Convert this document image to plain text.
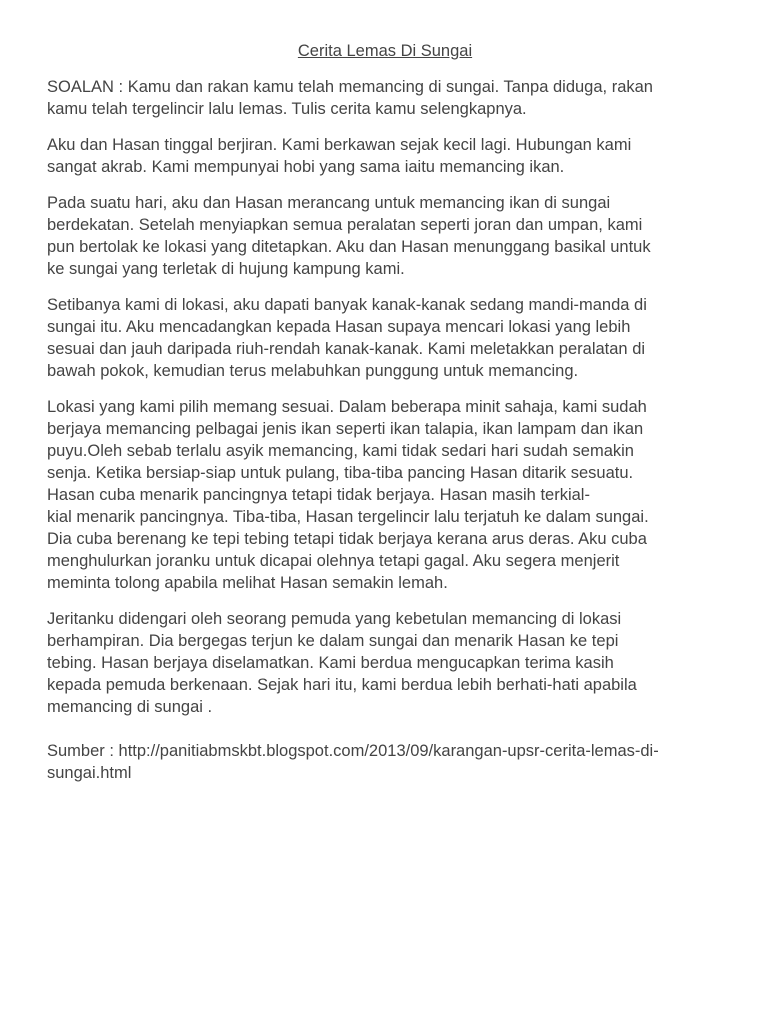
Cerita Lemas Di Sungai

SOALAN : Kamu dan rakan kamu telah memancing di sungai. Tanpa diduga, rakan
kamu telah tergelincir lalu lemas. Tulis cerita kamu selengkapnya.

Aku dan Hasan tinggal berjiran. Kami berkawan sejak kecil lagi. Hubungan kami
sangat akrab. Kami mempunyai hobi yang sama iaitu memancing ikan.

Pada suatu hari, aku dan Hasan merancang untuk memancing ikan di sungai
berdekatan. Setelah menyiapkan semua peralatan seperti joran dan umpan, kami
pun bertolak ke lokasi yang ditetapkan. Aku dan Hasan menunggang basikal untuk
ke sungai yang terletak di hujung kampung kami.

Setibanya kami di lokasi, aku dapati banyak kanak-kanak sedang mandi-manda di
sungai itu. Aku mencadangkan kepada Hasan supaya mencari lokasi yang lebih
sesuai dan jauh daripada riuh-rendah kanak-kanak. Kami meletakkan peralatan di
bawah pokok, kemudian terus melabuhkan punggung untuk memancing.

Lokasi yang kami pilih memang sesuai. Dalam beberapa minit sahaja, kami sudah
berjaya memancing pelbagai jenis ikan seperti ikan talapia, ikan lampam dan ikan
puyu.Oleh sebab terlalu asyik memancing, kami tidak sedari hari sudah semakin
senja. Ketika bersiap-siap untuk pulang, tiba-tiba pancing Hasan ditarik sesuatu.
Hasan cuba menarik pancingnya tetapi tidak berjaya. Hasan masih terkial-
kial menarik pancingnya. Tiba-tiba, Hasan tergelincir lalu terjatuh ke dalam sungai.
Dia cuba berenang ke tepi tebing tetapi tidak berjaya kerana arus deras. Aku cuba
menghulurkan joranku untuk dicapai olehnya tetapi gagal. Aku segera menjerit
meminta tolong apabila melihat Hasan semakin lemah.

Jeritanku didengari oleh seorang pemuda yang kebetulan memancing di lokasi
berhampiran. Dia bergegas terjun ke dalam sungai dan menarik Hasan ke tepi
tebing. Hasan berjaya diselamatkan. Kami berdua mengucapkan terima kasih
kepada pemuda berkenaan. Sejak hari itu, kami berdua lebih berhati-hati apabila
memancing di sungai .

Sumber : http://panitiabmskbt.blogspot.com/2013/09/karangan-upsr-cerita-lemas-di-
sungai.html
